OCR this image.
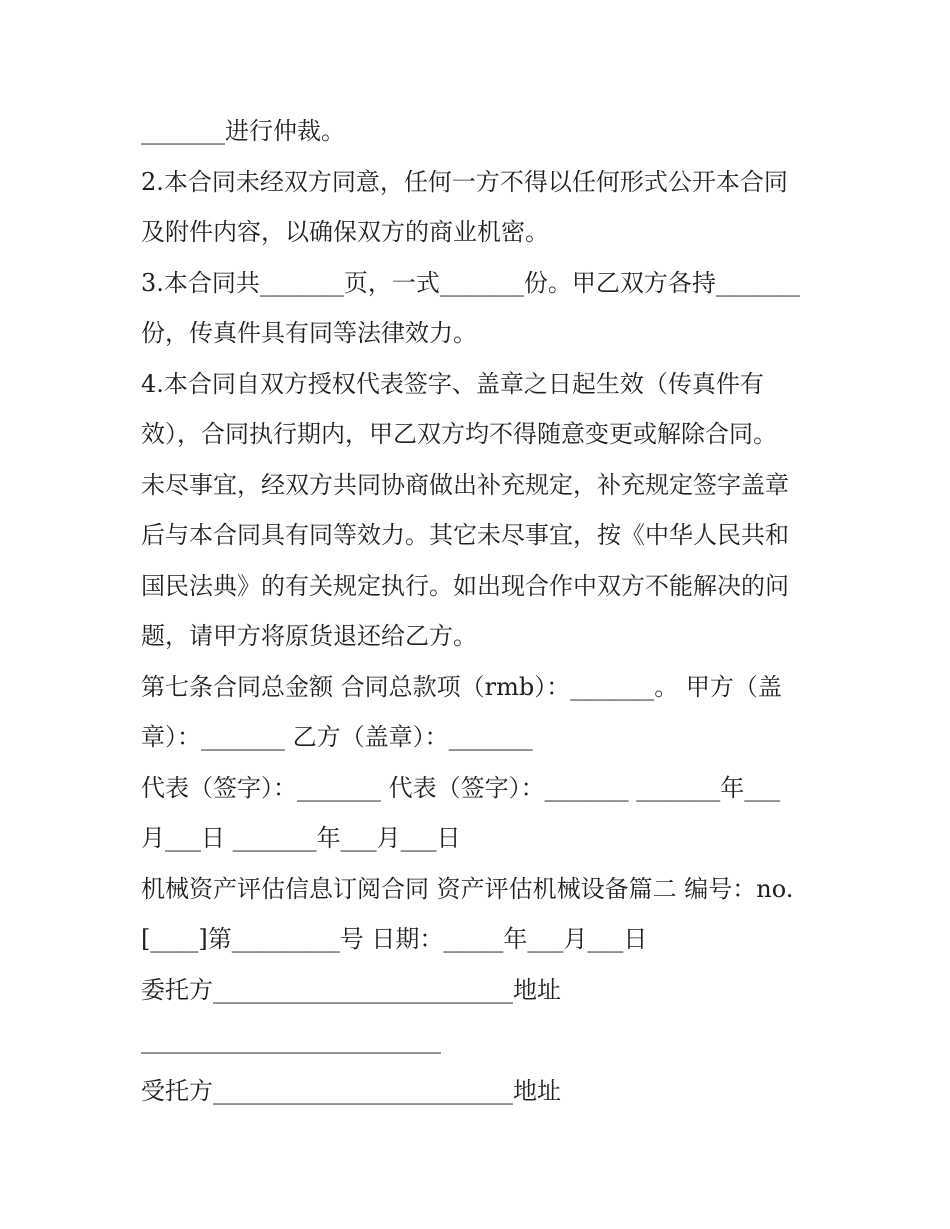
_______进行仲裁。

2.本合同未经双方同意，任何一方不得以任何形式公开本合同

及附件内容，以确保双方的商业机密。

3.本合同共_______页，一式_______份。甲乙双方各持_______

份，传真件具有同等法律效力。

4.本合同自双方授权代表签字、盖章之日起生效（传真件有

效），合同执行期内，甲乙双方均不得随意变更或解除合同。

未尽事宜，经双方共同协商做出补充规定，补充规定签字盖章

后与本合同具有同等效力。其它未尽事宜，按《中华人民共和

国民法典》的有关规定执行。如出现合作中双方不能解决的问

题，请甲方将原货退还给乙方。

第七条合同总金额 合同总款项（rmb）：_______。 甲方（盖

章）：_______ 乙方（盖章）：_______

代表（签字）：_______ 代表（签字）：_______ _______年___

月___日 _______年___月___日

机械资产评估信息订阅合同 资产评估机械设备篇二 编号：no.

[____]第_________号 日期：_____年___月___日

委托方_________________________地址

_________________________

受托方_________________________地址
